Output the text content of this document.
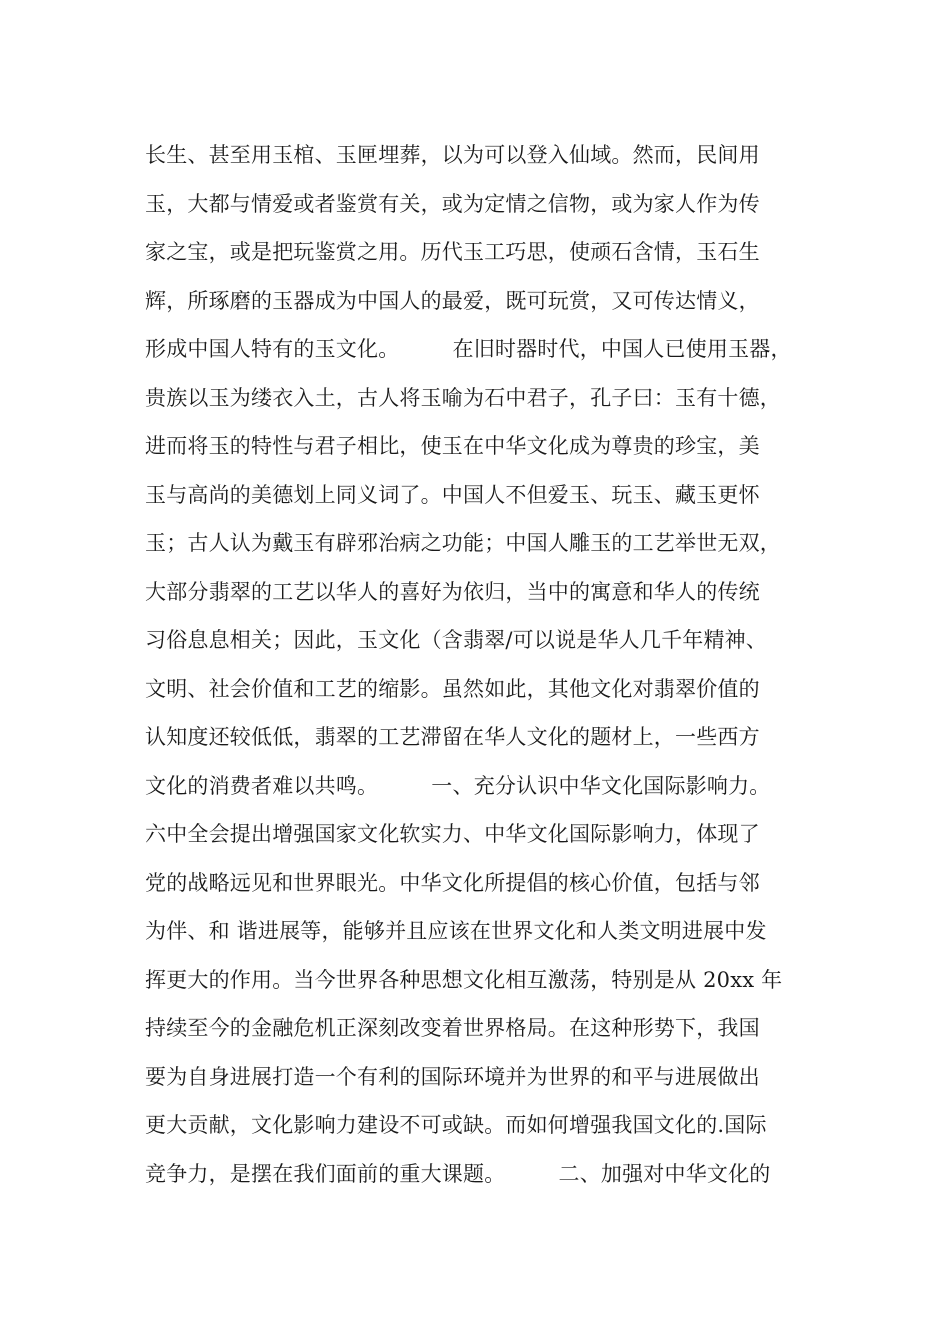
长生、甚至用玉棺、玉匣埋葬，以为可以登入仙域。然而，民间用
玉，大都与情爱或者鉴赏有关，或为定情之信物，或为家人作为传
家之宝，或是把玩鉴赏之用。历代玉工巧思，使顽石含情，玉石生
辉，所琢磨的玉器成为中国人的最爱，既可玩赏，又可传达情义，
形成中国人特有的玉文化。　　　在旧时器时代，中国人已使用玉器，
贵族以玉为缕衣入土，古人将玉喻为石中君子，孔子曰：玉有十德，
进而将玉的特性与君子相比，使玉在中华文化成为尊贵的珍宝，美
玉与高尚的美德划上同义词了。中国人不但爱玉、玩玉、藏玉更怀
玉；古人认为戴玉有辟邪治病之功能；中国人雕玉的工艺举世无双，
大部分翡翠的工艺以华人的喜好为依归，当中的寓意和华人的传统
习俗息息相关；因此，玉文化（含翡翠/可以说是华人几千年精神、
文明、社会价值和工艺的缩影。虽然如此，其他文化对翡翠价值的
认知度还较低低，翡翠的工艺滞留在华人文化的题材上，一些西方
文化的消费者难以共鸣。　　　一、充分认识中华文化国际影响力。
六中全会提出增强国家文化软实力、中华文化国际影响力，体现了
党的战略远见和世界眼光。中华文化所提倡的核心价值，包括与邻
为伴、和 谐进展等，能够并且应该在世界文化和人类文明进展中发
挥更大的作用。当今世界各种思想文化相互激荡，特别是从 20xx 年
持续至今的金融危机正深刻改变着世界格局。在这种形势下，我国
要为自身进展打造一个有利的国际环境并为世界的和平与进展做出
更大贡献，文化影响力建设不可或缺。而如何增强我国文化的.国际
竞争力，是摆在我们面前的重大课题。　　　二、加强对中华文化的
